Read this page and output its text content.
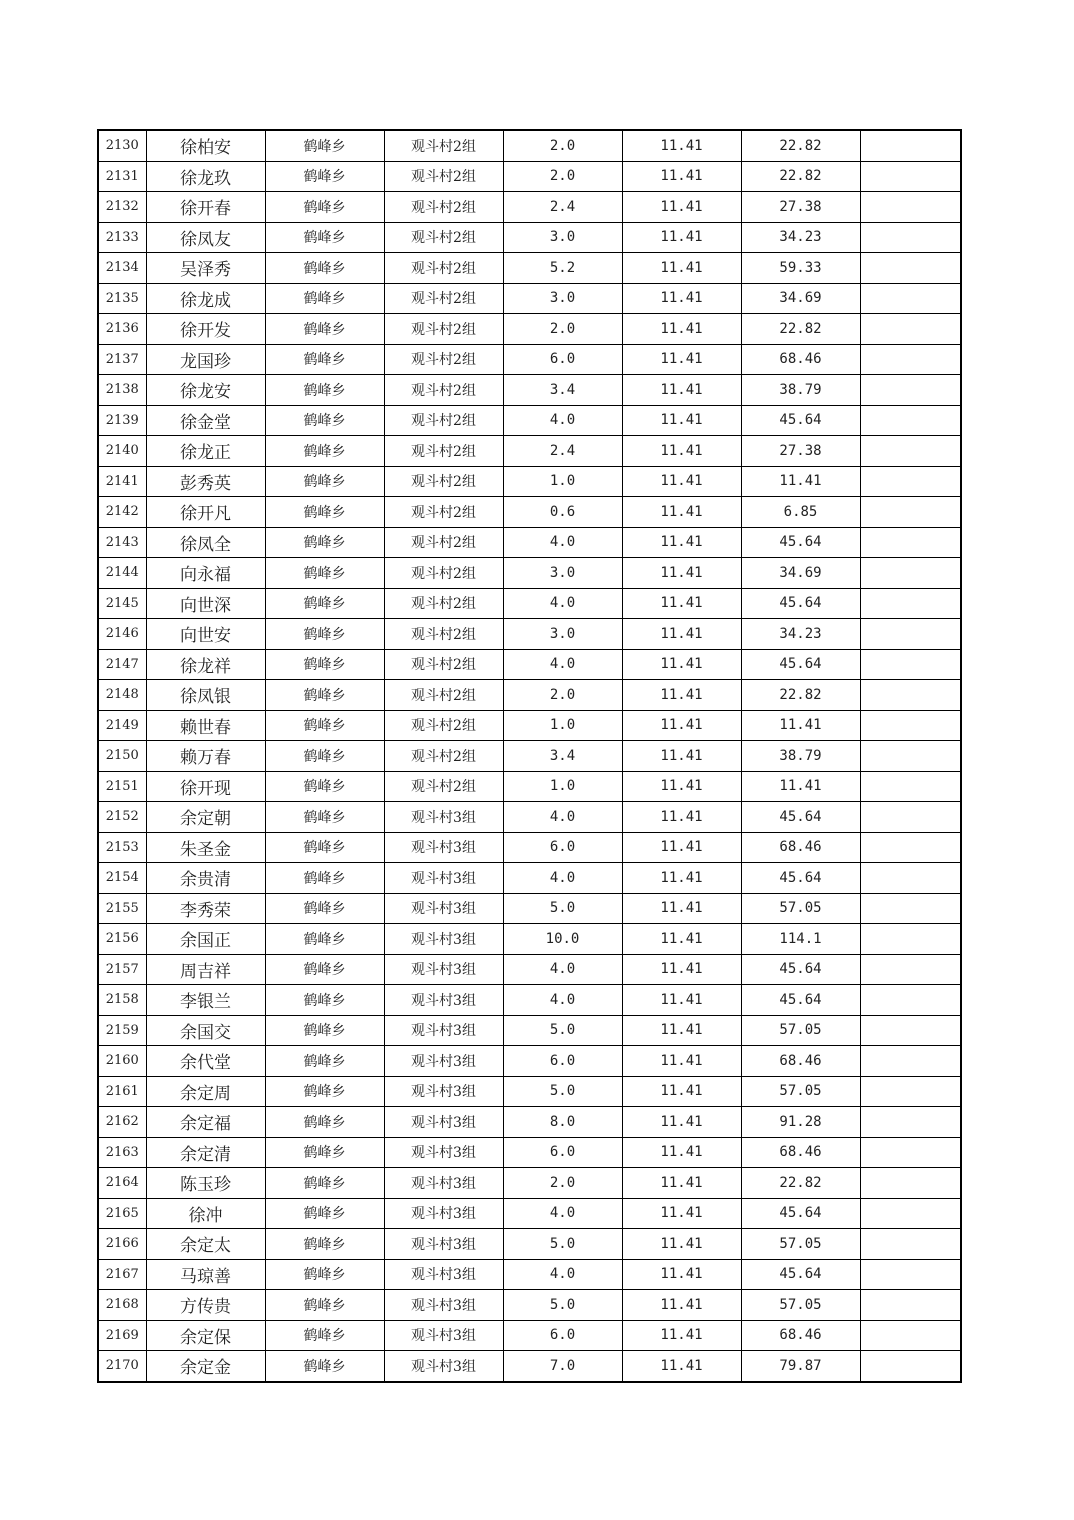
2130	徐柏安	鹤峰乡	观斗村2组	2.0	11.41	22.82	
2131	徐龙玖	鹤峰乡	观斗村2组	2.0	11.41	22.82	
2132	徐开春	鹤峰乡	观斗村2组	2.4	11.41	27.38	
2133	徐凤友	鹤峰乡	观斗村2组	3.0	11.41	34.23	
2134	吴泽秀	鹤峰乡	观斗村2组	5.2	11.41	59.33	
2135	徐龙成	鹤峰乡	观斗村2组	3.0	11.41	34.69	
2136	徐开发	鹤峰乡	观斗村2组	2.0	11.41	22.82	
2137	龙国珍	鹤峰乡	观斗村2组	6.0	11.41	68.46	
2138	徐龙安	鹤峰乡	观斗村2组	3.4	11.41	38.79	
2139	徐金堂	鹤峰乡	观斗村2组	4.0	11.41	45.64	
2140	徐龙正	鹤峰乡	观斗村2组	2.4	11.41	27.38	
2141	彭秀英	鹤峰乡	观斗村2组	1.0	11.41	11.41	
2142	徐开凡	鹤峰乡	观斗村2组	0.6	11.41	6.85	
2143	徐凤全	鹤峰乡	观斗村2组	4.0	11.41	45.64	
2144	向永福	鹤峰乡	观斗村2组	3.0	11.41	34.69	
2145	向世深	鹤峰乡	观斗村2组	4.0	11.41	45.64	
2146	向世安	鹤峰乡	观斗村2组	3.0	11.41	34.23	
2147	徐龙祥	鹤峰乡	观斗村2组	4.0	11.41	45.64	
2148	徐凤银	鹤峰乡	观斗村2组	2.0	11.41	22.82	
2149	赖世春	鹤峰乡	观斗村2组	1.0	11.41	11.41	
2150	赖万春	鹤峰乡	观斗村2组	3.4	11.41	38.79	
2151	徐开现	鹤峰乡	观斗村2组	1.0	11.41	11.41	
2152	余定朝	鹤峰乡	观斗村3组	4.0	11.41	45.64	
2153	朱圣金	鹤峰乡	观斗村3组	6.0	11.41	68.46	
2154	余贵清	鹤峰乡	观斗村3组	4.0	11.41	45.64	
2155	李秀荣	鹤峰乡	观斗村3组	5.0	11.41	57.05	
2156	余国正	鹤峰乡	观斗村3组	10.0	11.41	114.1	
2157	周吉祥	鹤峰乡	观斗村3组	4.0	11.41	45.64	
2158	李银兰	鹤峰乡	观斗村3组	4.0	11.41	45.64	
2159	余国交	鹤峰乡	观斗村3组	5.0	11.41	57.05	
2160	余代堂	鹤峰乡	观斗村3组	6.0	11.41	68.46	
2161	余定周	鹤峰乡	观斗村3组	5.0	11.41	57.05	
2162	余定福	鹤峰乡	观斗村3组	8.0	11.41	91.28	
2163	余定清	鹤峰乡	观斗村3组	6.0	11.41	68.46	
2164	陈玉珍	鹤峰乡	观斗村3组	2.0	11.41	22.82	
2165	徐冲	鹤峰乡	观斗村3组	4.0	11.41	45.64	
2166	余定太	鹤峰乡	观斗村3组	5.0	11.41	57.05	
2167	马琼善	鹤峰乡	观斗村3组	4.0	11.41	45.64	
2168	方传贵	鹤峰乡	观斗村3组	5.0	11.41	57.05	
2169	余定保	鹤峰乡	观斗村3组	6.0	11.41	68.46	
2170	余定金	鹤峰乡	观斗村3组	7.0	11.41	79.87	
